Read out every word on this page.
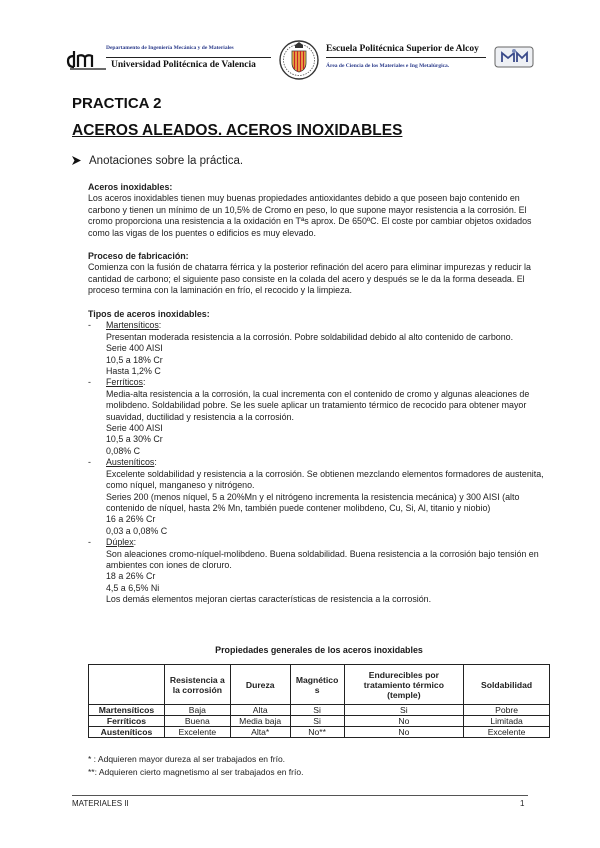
Departamento de Ingeniería Mecánica y de Materiales
Universidad Politécnica de Valencia
Escuela Politécnica Superior de Alcoy
Área de Ciencia de los Materiales e Ing Metalúrgica.
PRACTICA 2
ACEROS ALEADOS. ACEROS INOXIDABLES
Anotaciones sobre la práctica.

Aceros inoxidables:

Los aceros inoxidables tienen muy buenas propiedades antioxidantes debido a que poseen bajo contenido en carbono y tienen un mínimo de un 10,5% de Cromo en peso, lo que supone mayor resistencia a la corrosión. El cromo proporciona una resistencia a la oxidación en Tªs aprox. De 650ºC. El coste por cambiar objetos oxidados como las vigas de los puentes o edificios es muy elevado.

Proceso de fabricación:

Comienza con la fusión de chatarra férrica y la posterior refinación del acero para eliminar impurezas y reducir la cantidad de carbono; el siguiente paso consiste en la colada del acero y después se le da la forma deseada. El proceso termina con la laminación en frío, el recocido y la limpieza.

Tipos de aceros inoxidables:

- Martensíticos:

Presentan moderada resistencia a la corrosión. Pobre soldabilidad debido al alto contenido de carbono.

Serie 400 AISI

10,5 a 18% Cr

Hasta 1,2% C

- Ferríticos:

Media-alta resistencia a la corrosión, la cual incrementa con el contenido de cromo y algunas aleaciones de molibdeno. Soldabilidad pobre. Se les suele aplicar un tratamiento térmico de recocido para obtener mayor suavidad, ductilidad y resistencia a la corrosión.

Serie 400 AISI

10,5 a 30% Cr

0,08% C

- Austeníticos:

Excelente soldabilidad y resistencia a la corrosión. Se obtienen mezclando elementos formadores de austenita, como níquel, manganeso y nitrógeno.

Series 200 (menos níquel, 5 a 20%Mn y el nitrógeno incrementa la resistencia mecánica) y 300 AISI (alto contenido de níquel, hasta 2% Mn, también puede contener molibdeno, Cu, Si, Al, titanio y niobio)

16 a 26% Cr

0,03 a 0,08% C

- Dúplex:

Son aleaciones cromo-níquel-molibdeno. Buena soldabilidad. Buena resistencia a la corrosión bajo tensión en ambientes con iones de cloruro.

18 a 26% Cr

4,5 a 6,5% Ni

Los demás elementos mejoran ciertas características de resistencia a la corrosión.

Propiedades generales de los aceros inoxidables
	Resistencia a la corrosión	Dureza	Magnético s	Endurecibles por tratamiento térmico (temple)	Soldabilidad
Martensíticos	Baja	Alta	Si	Si	Pobre
Ferríticos	Buena	Media baja	Si	No	Limitada
Austeníticos	Excelente	Alta*	No**	No	Excelente
* : Adquieren mayor dureza al ser trabajados en frío.
**: Adquieren cierto magnetismo al ser trabajados en frío.
MATERIALES II	1
